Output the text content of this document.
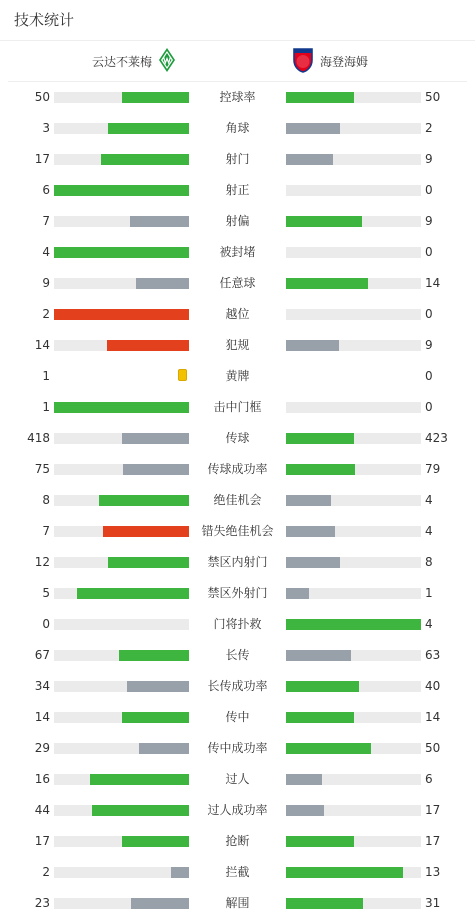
技术统计
云达不莱梅	海登海姆
50	控球率	50
3	角球	2
17	射门	9
6	射正	0
7	射偏	9
4	被封堵	0
9	任意球	14
2	越位	0
14	犯规	9
1	黄牌	0
1	击中门框	0
418	传球	423
75	传球成功率	79
8	绝佳机会	4
7	错失绝佳机会	4
12	禁区内射门	8
5	禁区外射门	1
0	门将扑救	4
67	长传	63
34	长传成功率	40
14	传中	14
29	传中成功率	50
16	过人	6
44	过人成功率	17
17	抢断	17
2	拦截	13
23	解围	31
